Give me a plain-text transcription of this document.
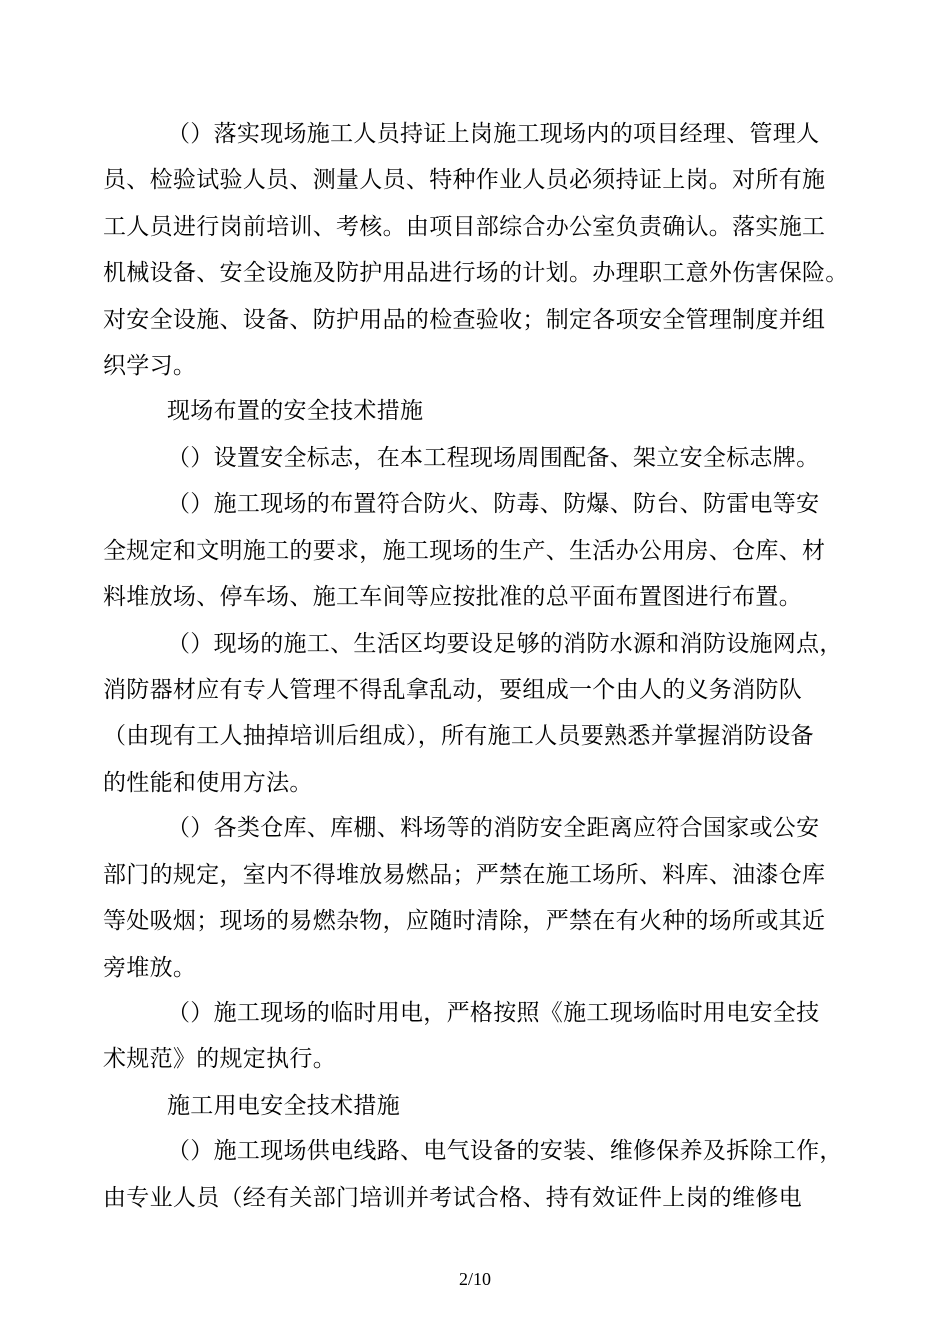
（）落实现场施工人员持证上岗施工现场内的项目经理、管理人
员、检验试验人员、测量人员、特种作业人员必须持证上岗。对所有施
工人员进行岗前培训、考核。由项目部综合办公室负责确认。落实施工
机械设备、安全设施及防护用品进行场的计划。办理职工意外伤害保险。
对安全设施、设备、防护用品的检查验收；制定各项安全管理制度并组
织学习。
现场布置的安全技术措施
（）设置安全标志，在本工程现场周围配备、架立安全标志牌。
（）施工现场的布置符合防火、防毒、防爆、防台、防雷电等安
全规定和文明施工的要求，施工现场的生产、生活办公用房、仓库、材
料堆放场、停车场、施工车间等应按批准的总平面布置图进行布置。
（）现场的施工、生活区均要设足够的消防水源和消防设施网点，
消防器材应有专人管理不得乱拿乱动，要组成一个由人的义务消防队
（由现有工人抽掉培训后组成），所有施工人员要熟悉并掌握消防设备
的性能和使用方法。
（）各类仓库、库棚、料场等的消防安全距离应符合国家或公安
部门的规定，室内不得堆放易燃品；严禁在施工场所、料库、油漆仓库
等处吸烟；现场的易燃杂物，应随时清除，严禁在有火种的场所或其近
旁堆放。
（）施工现场的临时用电，严格按照《施工现场临时用电安全技
术规范》的规定执行。
施工用电安全技术措施
（）施工现场供电线路、电气设备的安装、维修保养及拆除工作，
由专业人员（经有关部门培训并考试合格、持有效证件上岗的维修电
2/10
